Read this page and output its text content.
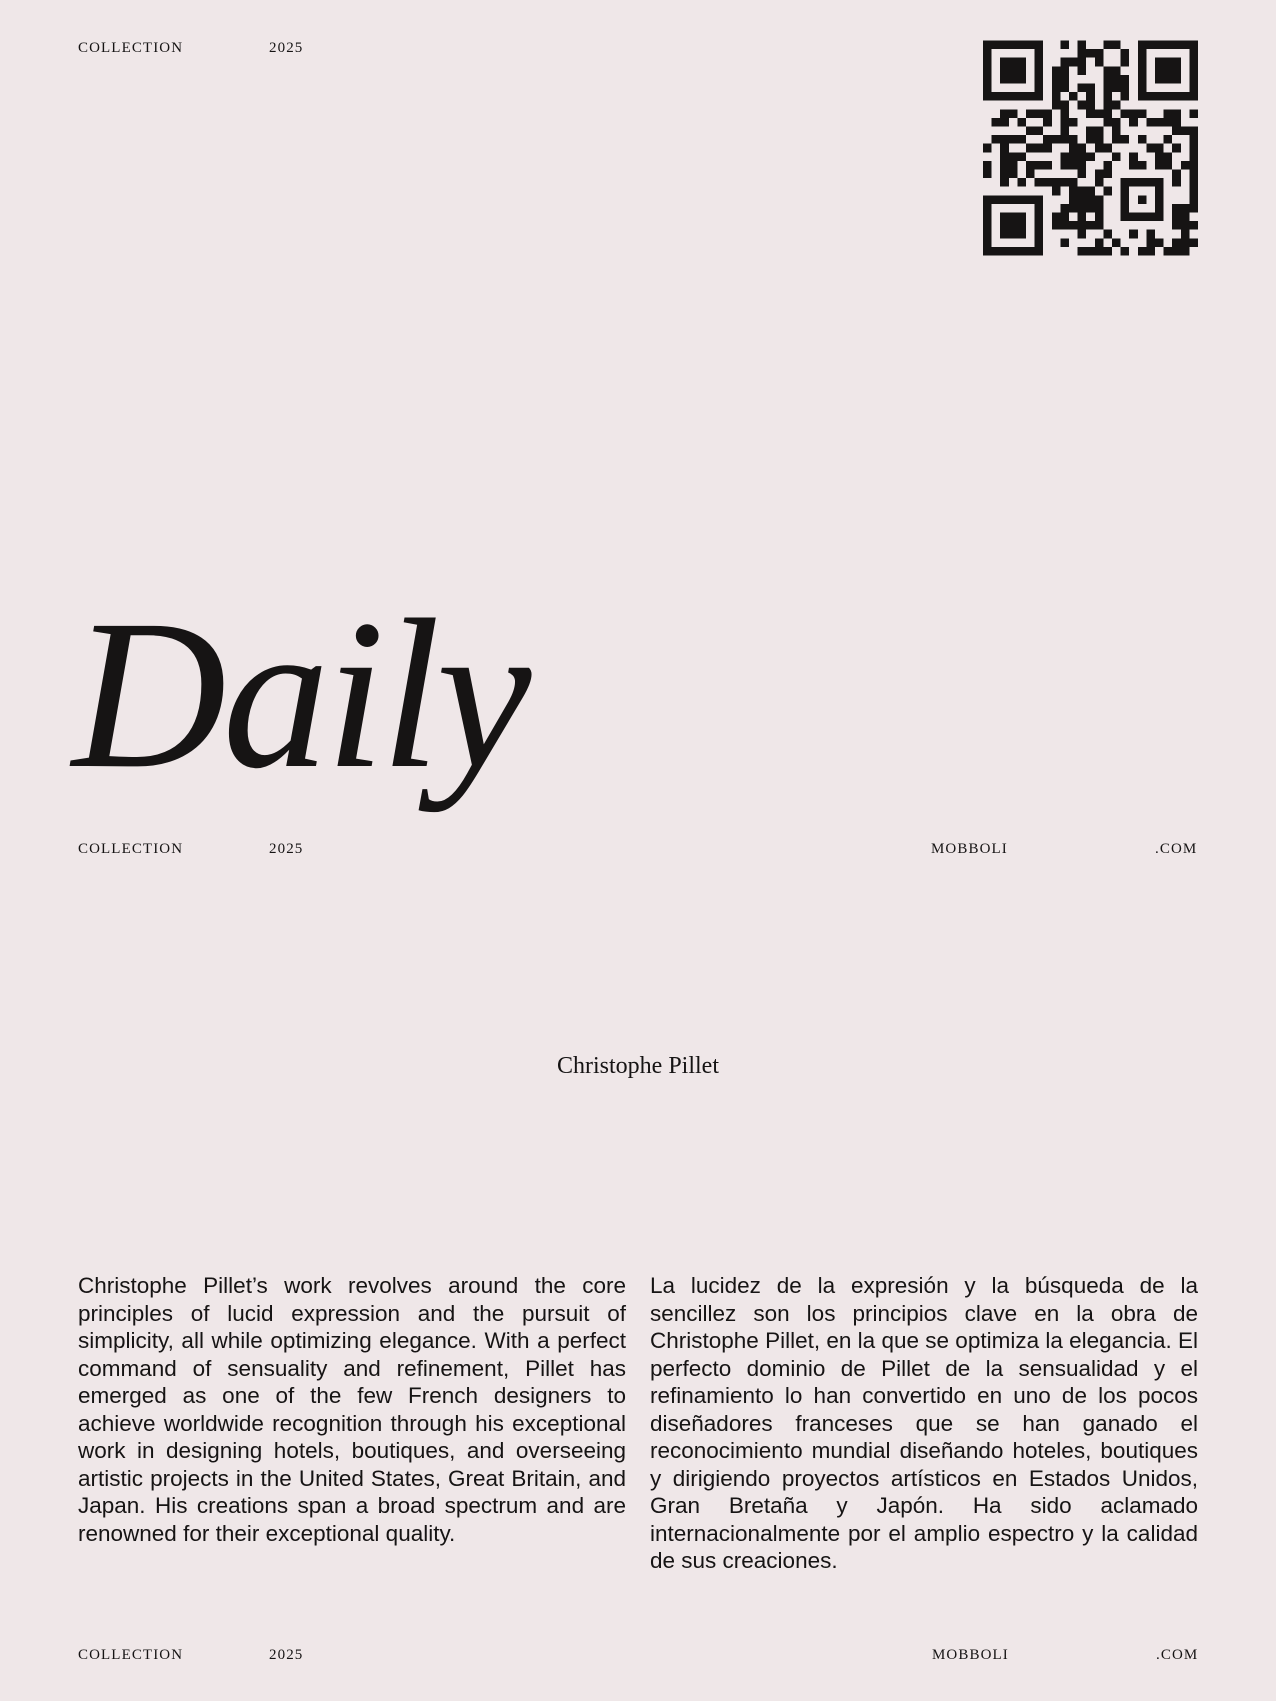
COLLECTION	2025
Daily
COLLECTION	2025	MOBBOLI	.COM
Christophe Pillet
Christophe Pillet’s work revolves around the core principles of lucid expression and the pursuit of simplicity, all while optimizing elegance. With a perfect command of sensuality and refinement, Pillet has emerged as one of the few French designers to achieve worldwide recognition through his exceptional work in designing hotels, boutiques, and overseeing artistic projects in the United States, Great Britain, and Japan. His creations span a broad spectrum and are renowned for their exceptional quality.
La lucidez de la expresión y la búsqueda de la sencillez son los principios clave en la obra de Christophe Pillet, en la que se optimiza la elegancia. El perfecto dominio de Pillet de la sensualidad y el refinamiento lo han convertido en uno de los pocos diseñadores franceses que se han ganado el reconocimiento mundial diseñando hoteles, boutiques y dirigiendo proyectos artísticos en Estados Unidos, Gran Bretaña y Japón. Ha sido aclamado internacionalmente por el amplio espectro y la calidad de sus creaciones.
COLLECTION	2025	MOBBOLI	.COM
